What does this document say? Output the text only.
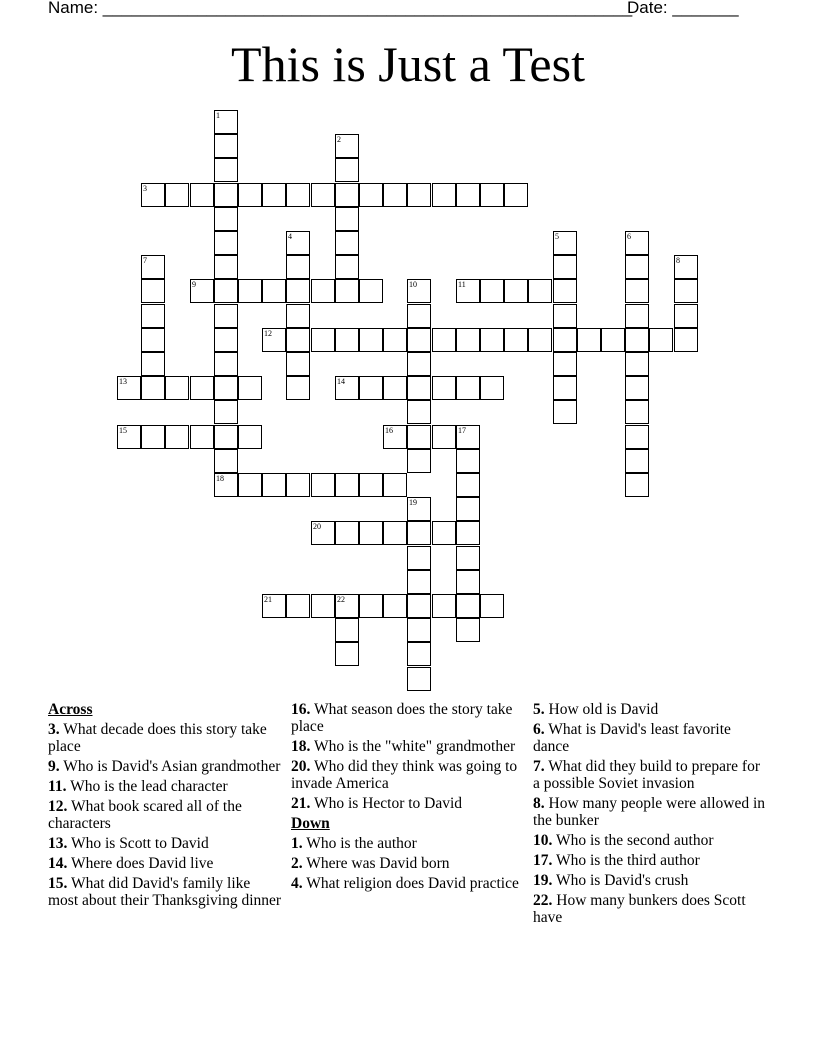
Name: ________________________________________________________
Date: _______
This is Just a Test
1
18
2
3
4	5	6
7	8
9	10	11
12
13	14
15	16	17
19
20
21	22
Across
3. What decade does this story take place
9. Who is David's Asian grandmother
11. Who is the lead character
12. What book scared all of the characters
13. Who is Scott to David
14. Where does David live
15. What did David's family like most about their Thanksgiving dinner
16. What season does the story take place
18. Who is the "white" grandmother
20. Who did they think was going to invade America
21. Who is Hector to David
Down
1. Who is the author
2. Where was David born
4. What religion does David practice
5. How old is David
6. What is David's least favorite dance
7. What did they build to prepare for a possible Soviet invasion
8. How many people were allowed in the bunker
10. Who is the second author
17. Who is the third author
19. Who is David's crush
22. How many bunkers does Scott have
